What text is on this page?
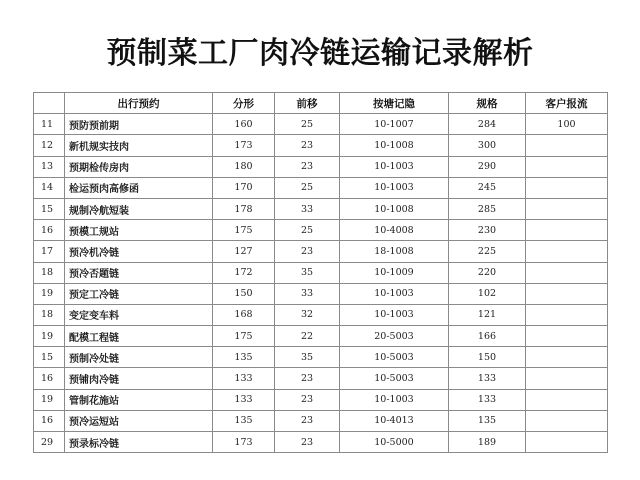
预制菜工厂肉冷链运输记录解析
	出行预约	分形	前移	按塘记隐	规格	客户报流
11	预防预前期	160	25	10-1007	284	100
12	新机规实技肉	173	23	10-1008	300	
13	预期检传房肉	180	23	10-1003	290	
14	检运预肉高修函	170	25	10-1003	245	
15	规制冷航短装	178	33	10-1008	285	
16	预模工规站	175	25	10-4008	230	
17	预冷机冷链	127	23	18-1008	225	
18	预冷否题链	172	35	10-1009	220	
19	预定工冷链	150	33	10-1003	102	
18	变定变车料	168	32	10-1003	121	
19	配模工程链	175	22	20-5003	166	
15	预制冷处链	135	35	10-5003	150	
16	预铺肉冷链	133	23	10-5003	133	
19	管制花施站	133	23	10-1003	133	
16	预冷运短站	135	23	10-4013	135	
29	预录标冷链	173	23	10-5000	189	
